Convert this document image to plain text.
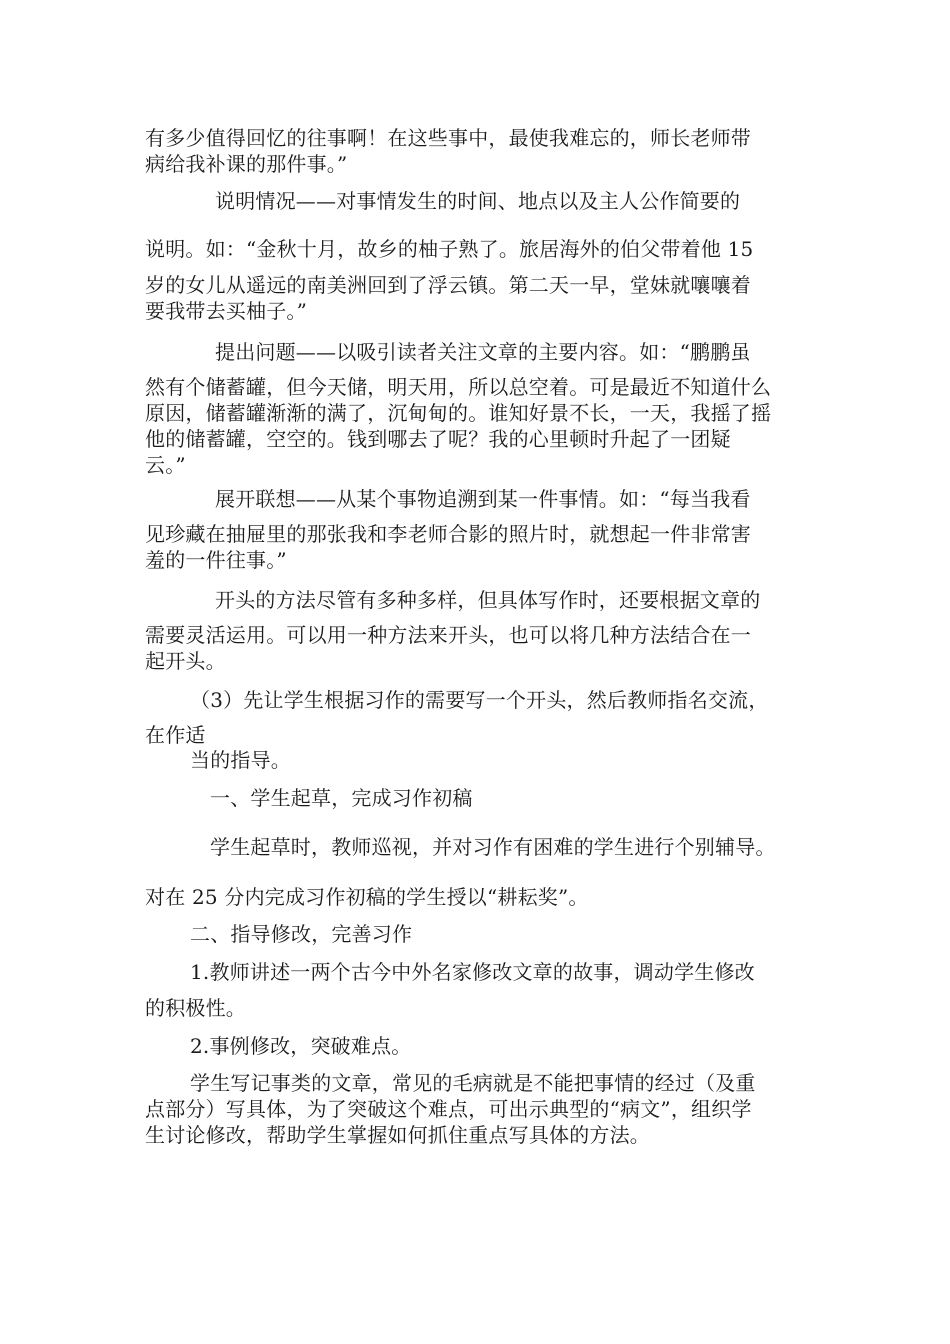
有多少值得回忆的往事啊！在这些事中，最使我难忘的，师长老师带
病给我补课的那件事。”
说明情况——对事情发生的时间、地点以及主人公作简要的
说明。如：“金秋十月，故乡的柚子熟了。旅居海外的伯父带着他 15
岁的女儿从遥远的南美洲回到了浮云镇。第二天一早，堂妹就嚷嚷着
要我带去买柚子。”
提出问题——以吸引读者关注文章的主要内容。如：“鹏鹏虽
然有个储蓄罐，但今天储，明天用，所以总空着。可是最近不知道什么
原因，储蓄罐渐渐的满了，沉甸甸的。谁知好景不长，一天，我摇了摇
他的储蓄罐，空空的。钱到哪去了呢？我的心里顿时升起了一团疑
云。”
展开联想——从某个事物追溯到某一件事情。如：“每当我看
见珍藏在抽屉里的那张我和李老师合影的照片时，就想起一件非常害
羞的一件往事。”
开头的方法尽管有多种多样，但具体写作时，还要根据文章的
需要灵活运用。可以用一种方法来开头，也可以将几种方法结合在一
起开头。
（3）先让学生根据习作的需要写一个开头，然后教师指名交流，
在作适
当的指导。
一、学生起草，完成习作初稿
学生起草时，教师巡视，并对习作有困难的学生进行个别辅导。
对在 25 分内完成习作初稿的学生授以“耕耘奖”。
二、指导修改，完善习作
1.教师讲述一两个古今中外名家修改文章的故事，调动学生修改
的积极性。
2.事例修改，突破难点。
学生写记事类的文章，常见的毛病就是不能把事情的经过（及重
点部分）写具体，为了突破这个难点，可出示典型的“病文”，组织学
生讨论修改，帮助学生掌握如何抓住重点写具体的方法。
